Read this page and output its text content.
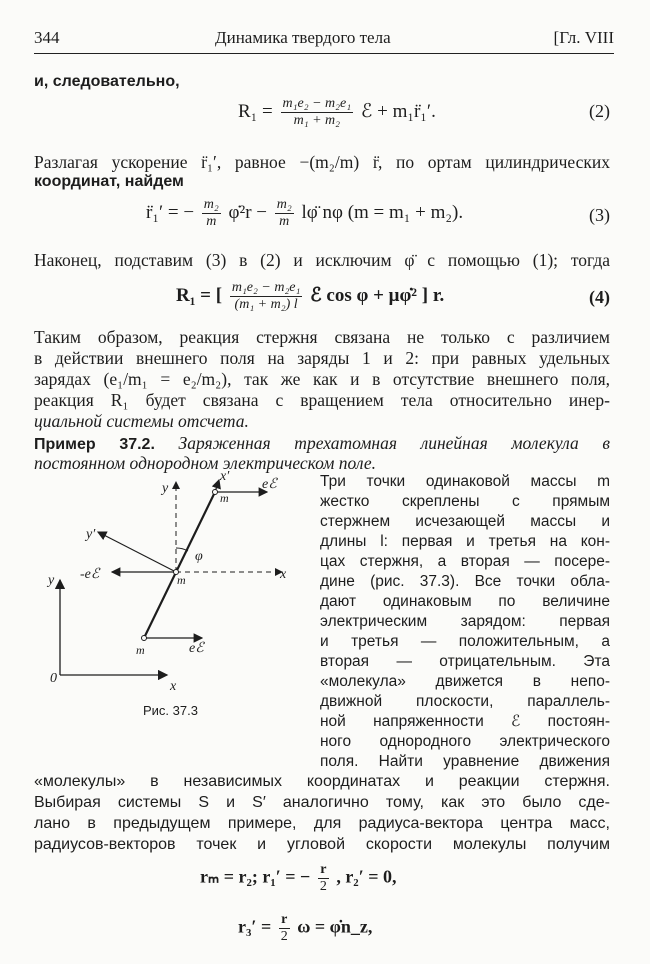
344	Динамика твердого тела	[Гл. VIII
и, следовательно,
$R_1 = \frac{\text{m₁e₂ − m₂e₁}}{\text{m₁ + m₂}}$ ℰ + m₁r̈₁′.	(2)
Разлагая ускорение r̈₁′, равное −(m₂/m) r̈, по ортам цилиндрических
координат, найдем
r̈₁′ = − $\frac{\text{m₂}}{m}$ φ̇²r − $\frac{\text{m₂}}{m}$ lφ̈ nφ (m = m₁ + m₂).	(3)
Наконец, подставим (3) в (2) и исключим φ̈ с помощью (1); тогда
R₁ = [ $\frac{\text{m₁e₂ − m₂e₁}}{\text{(m₁ + m₂) l}}$ ℰ cos φ + μφ̇² ] r.	(4)
Таким образом, реакция стержня связана не только с различием
в действии внешнего поля на заряды 1 и 2: при равных удельных
зарядах (e₁/m₁ = e₂/m₂), так же как и в отсутствие внешнего поля,
реакция R₁ будет связана с вращением тела относительно инер-
циальной системы отсчета.
Пример 37.2. Заряженная трехатомная линейная молекула в
постоянном однородном электрическом поле.
y
x′
m
eℰ
y′
φ
y -eℰ	m	x
m	eℰ
0
x
Рис. 37.3
Три точки одинаковой массы m
жестко скреплены с прямым
стержнем исчезающей массы и
длины l: первая и третья на кон-
цах стержня, а вторая — посере-
дине (рис. 37.3). Все точки обла-
дают одинаковым по величине
электрическим зарядом: первая
и третья — положительным, а
вторая — отрицательным. Эта
«молекула» движется в непо-
движной плоскости, параллель-
ной напряженности ℰ постоян-
ного однородного электрического
поля. Найти уравнение движения
«молекулы» в независимых координатах и реакции стержня.
Выбирая системы S и S′ аналогично тому, как это было сде-
лано в предыдущем примере, для радиуса-вектора центра масс,
радиусов-векторов точек и угловой скорости молекулы получим
rₘ = r₂; r₁′ = − $\frac{r}{2}$ , r₂′ = 0,
$r_3' = \frac{r}{2}$ ω = φ̇n_z,
